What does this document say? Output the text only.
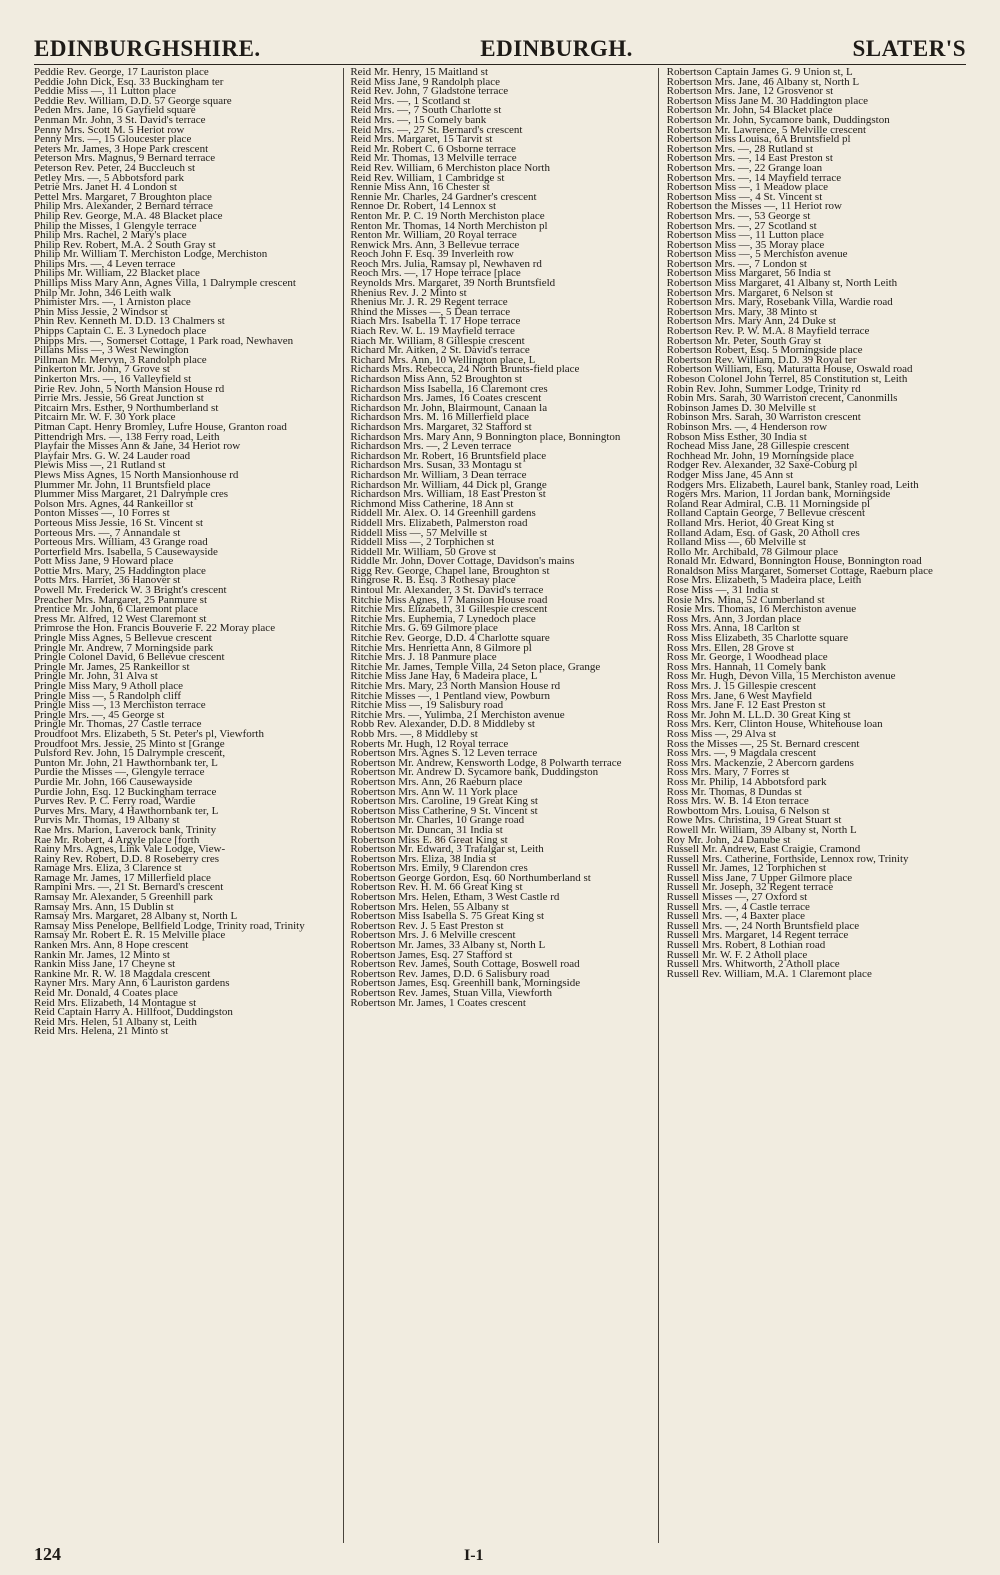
EDINBURGHSHIRE.	EDINBURGH.	SLATER'S
Peddie Rev. George, 17 Lauriston place
Peddie John Dick, Esq. 33 Buckingham ter
Peddie Miss —, 11 Lutton place
Peddie Rev. William, D.D. 57 George square
Peden Mrs. Jane, 16 Gayfield square
Penman Mr. John, 3 St. David's terrace
Penny Mrs. Scott M. 5 Heriot row
Penny Mrs. —, 15 Gloucester place
Peters Mr. James, 3 Hope Park crescent
Peterson Mrs. Magnus, 9 Bernard terrace
Peterson Rev. Peter, 24 Buccleuch st
Petley Mrs. —, 5 Abbotsford park
Petrie Mrs. Janet H. 4 London st
Pettel Mrs. Margaret, 7 Broughton place
Philip Mrs. Alexander, 2 Bernard terrace
Philip Rev. George, M.A. 48 Blacket place
Philip the Misses, 1 Glengyle terrace
Philip Mrs. Rachel, 2 Mary's place
Philip Rev. Robert, M.A. 2 South Gray st
Philip Mr. William T. Merchiston Lodge, Merchiston
Philips Mrs. —, 4 Leven terrace
Philips Mr. William, 22 Blacket place
Phillips Miss Mary Ann, Agnes Villa, 1 Dalrymple crescent
Philp Mr. John, 346 Leith walk
Phimister Mrs. —, 1 Arniston place
Phin Miss Jessie, 2 Windsor st
Phin Rev. Kenneth M. D.D. 13 Chalmers st
Phipps Captain C. E. 3 Lynedoch place
Phipps Mrs. —, Somerset Cottage, 1 Park road, Newhaven
Pillans Miss —, 3 West Newington
Pillman Mr. Mervyn, 3 Randolph place
Pinkerton Mr. John, 7 Grove st
Pinkerton Mrs. —, 16 Valleyfield st
Pirie Rev. John, 5 North Mansion House rd
Pirrie Mrs. Jessie, 56 Great Junction st
Pitcairn Mrs. Esther, 9 Northumberland st
Pitcairn Mr. W. F. 30 York place
Pitman Capt. Henry Bromley, Lufre House, Granton road
Pittendrigh Mrs. —, 138 Ferry road, Leith
Playfair the Misses Ann & Jane, 34 Heriot row
Playfair Mrs. G. W. 24 Lauder road
Plewis Miss —, 21 Rutland st
Plews Miss Agnes, 15 North Mansionhouse rd
Plummer Mr. John, 11 Bruntsfield place
Plummer Miss Margaret, 21 Dalrymple cres
Polson Mrs. Agnes, 44 Rankeillor st
Ponton Misses —, 10 Forres st
Porteous Miss Jessie, 16 St. Vincent st
Porteous Mrs. —, 7 Annandale st
Porteous Mrs. William, 43 Grange road
Porterfield Mrs. Isabella, 5 Causewayside
Pott Miss Jane, 9 Howard place
Pottie Mrs. Mary, 25 Haddington place
Potts Mrs. Harriet, 36 Hanover st
Powell Mr. Frederick W. 3 Bright's crescent
Preacher Mrs. Margaret, 25 Panmure st
Prentice Mr. John, 6 Claremont place
Press Mr. Alfred, 12 West Claremont st
Primrose the Hon. Francis Bouverie F. 22 Moray place
Pringle Miss Agnes, 5 Bellevue crescent
Pringle Mr. Andrew, 7 Morningside park
Pringle Colonel David, 6 Bellevue crescent
Pringle Mr. James, 25 Rankeillor st
Pringle Mr. John, 31 Alva st
Pringle Miss Mary, 9 Atholl place
Pringle Miss —, 5 Randolph cliff
Pringle Miss —, 13 Merchiston terrace
Pringle Mrs. —, 45 George st
Pringle Mr. Thomas, 27 Castle terrace
Proudfoot Mrs. Elizabeth, 5 St. Peter's pl, Viewforth
Proudfoot Mrs. Jessie, 25 Minto st [Grange
Pulsford Rev. John, 15 Dalrymple crescent,
Punton Mr. John, 21 Hawthornbank ter, L
Purdie the Misses —, Glengyle terrace
Purdie Mr. John, 166 Causewayside
Purdie John, Esq. 12 Buckingham terrace
Purves Rev. P. C. Ferry road, Wardie
Purves Mrs. Mary, 4 Hawthornbank ter, L
Purvis Mr. Thomas, 19 Albany st
Rae Mrs. Marion, Laverock bank, Trinity
Rae Mr. Robert, 4 Argyle place [forth
Rainy Mrs. Agnes, Link Vale Lodge, View-
Rainy Rev. Robert, D.D. 8 Roseberry cres
Ramage Mrs. Eliza, 3 Clarence st
Ramage Mr. James, 17 Millerfield place
Rampini Mrs. —, 21 St. Bernard's crescent
Ramsay Mr. Alexander, 5 Greenhill park
Ramsay Mrs. Ann, 15 Dublin st
Ramsay Mrs. Margaret, 28 Albany st, North L
Ramsay Miss Penelope, Bellfield Lodge, Trinity road, Trinity
Ramsay Mr. Robert E. R. 15 Melville place
Ranken Mrs. Ann, 8 Hope crescent
Rankin Mr. James, 12 Minto st
Rankin Miss Jane, 17 Cheyne st
Rankine Mr. R. W. 18 Magdala crescent
Rayner Mrs. Mary Ann, 6 Lauriston gardens
Reid Mr. Donald, 4 Coates place
Reid Mrs. Elizabeth, 14 Montague st
Reid Captain Harry A. Hillfoot, Duddingston
Reid Mrs. Helen, 51 Albany st, Leith
Reid Mrs. Helena, 21 Minto st
Reid Mr. Henry, 15 Maitland st
Reid Miss Jane, 9 Randolph place
Reid Rev. John, 7 Gladstone terrace
Reid Mrs. —, 1 Scotland st
Reid Mrs. —, 7 South Charlotte st
Reid Mrs. —, 15 Comely bank
Reid Mrs. —, 27 St. Bernard's crescent
Reid Mrs. Margaret, 15 Tarvit st
Reid Mr. Robert C. 6 Osborne terrace
Reid Mr. Thomas, 13 Melville terrace
Reid Rev. William, 6 Merchiston place North
Reid Rev. William, 1 Cambridge st
Rennie Miss Ann, 16 Chester st
Rennie Mr. Charles, 24 Gardner's crescent
Rennoe Dr. Robert, 14 Lennox st
Renton Mr. P. C. 19 North Merchiston place
Renton Mr. Thomas, 14 North Merchiston pl
Renton Mr. William, 20 Royal terrace
Renwick Mrs. Ann, 3 Bellevue terrace
Reoch John F. Esq. 39 Inverleith row
Reoch Mrs. Julia, Ramsay pl, Newhaven rd
Reoch Mrs. —, 17 Hope terrace [place
Reynolds Mrs. Margaret, 39 North Bruntsfield
Rhenius Rev. J. 2 Minto st
Rhenius Mr. J. R. 29 Regent terrace
Rhind the Misses —, 5 Dean terrace
Riach Mrs. Isabella T. 17 Hope terrace
Riach Rev. W. L. 19 Mayfield terrace
Riach Mr. William, 8 Gillespie crescent
Richard Mr. Aitken, 2 St. David's terrace
Richard Mrs. Ann, 10 Wellington place, L
Richards Mrs. Rebecca, 24 North Brunts-field place
Richardson Miss Ann, 52 Broughton st
Richardson Miss Isabella, 16 Claremont cres
Richardson Mrs. James, 16 Coates crescent
Richardson Mr. John, Blairmount, Canaan la
Richardson Mrs. M. 16 Millerfield place
Richardson Mrs. Margaret, 32 Stafford st
Richardson Mrs. Mary Ann, 9 Bonnington place, Bonnington
Richardson Mrs. —, 2 Leven terrace
Richardson Mr. Robert, 16 Bruntsfield place
Richardson Mrs. Susan, 33 Montagu st
Richardson Mr. William, 3 Dean terrace
Richardson Mr. William, 44 Dick pl, Grange
Richardson Mrs. William, 18 East Preston st
Richmond Miss Catherine, 18 Ann st
Riddell Mr. Alex. O. 14 Greenhill gardens
Riddell Mrs. Elizabeth, Palmerston road
Riddell Miss —, 57 Melville st
Riddell Miss —, 2 Torphichen st
Riddell Mr. William, 50 Grove st
Riddle Mr. John, Dover Cottage, Davidson's mains
Rigg Rev. George, Chapel lane, Broughton st
Ringrose R. B. Esq. 3 Rothesay place
Rintoul Mr. Alexander, 3 St. David's terrace
Ritchie Miss Agnes, 17 Mansion House road
Ritchie Mrs. Elizabeth, 31 Gillespie crescent
Ritchie Mrs. Euphemia, 7 Lynedoch place
Ritchie Mrs. G. 69 Gilmore place
Ritchie Rev. George, D.D. 4 Charlotte square
Ritchie Mrs. Henrietta Ann, 8 Gilmore pl
Ritchie Mrs. J. 18 Panmure place
Ritchie Mr. James, Temple Villa, 24 Seton place, Grange
Ritchie Miss Jane Hay, 6 Madeira place, L
Ritchie Mrs. Mary, 23 North Mansion House rd
Ritchie Misses —, 1 Pentland view, Powburn
Ritchie Miss —, 19 Salisbury road
Ritchie Mrs. —, Yulimba, 21 Merchiston avenue
Robb Rev. Alexander, D.D. 8 Middleby st
Robb Mrs. —, 8 Middleby st
Roberts Mr. Hugh, 12 Royal terrace
Robertson Mrs. Agnes S. 12 Leven terrace
Robertson Mr. Andrew, Kensworth Lodge, 8 Polwarth terrace
Robertson Mr. Andrew D. Sycamore bank, Duddingston
Robertson Mrs. Ann, 26 Raeburn place
Robertson Mrs. Ann W. 11 York place
Robertson Mrs. Caroline, 19 Great King st
Robertson Miss Catherine, 9 St. Vincent st
Robertson Mr. Charles, 10 Grange road
Robertson Mr. Duncan, 31 India st
Robertson Miss E. 86 Great King st
Robertson Mr. Edward, 3 Trafalgar st, Leith
Robertson Mrs. Eliza, 38 India st
Robertson Mrs. Emily, 9 Clarendon cres
Robertson George Gordon, Esq. 60 Northumberland st
Robertson Rev. H. M. 66 Great King st
Robertson Mrs. Helen, Etham, 3 West Castle rd
Robertson Mrs. Helen, 55 Albany st
Robertson Miss Isabella S. 75 Great King st
Robertson Rev. J. 5 East Preston st
Robertson Mrs. J. 6 Melville crescent
Robertson Mr. James, 33 Albany st, North L
Robertson James, Esq. 27 Stafford st
Robertson Rev. James, South Cottage, Boswell road
Robertson Rev. James, D.D. 6 Salisbury road
Robertson James, Esq. Greenhill bank, Morningside
Robertson Rev. James, Stuan Villa, Viewforth
Robertson Mr. James, 1 Coates crescent
Robertson Captain James G. 9 Union st, L
Robertson Mrs. Jane, 46 Albany st, North L
Robertson Mrs. Jane, 12 Grosvenor st
Robertson Miss Jane M. 30 Haddington place
Robertson Mr. John, 54 Blacket place
Robertson Mr. John, Sycamore bank, Duddingston
Robertson Mr. Lawrence, 5 Melville crescent
Robertson Miss Louisa, 6A Bruntsfield pl
Robertson Mrs. —, 28 Rutland st
Robertson Mrs. —, 14 East Preston st
Robertson Mrs. —, 22 Grange loan
Robertson Mrs. —, 14 Mayfield terrace
Robertson Miss —, 1 Meadow place
Robertson Miss —, 4 St. Vincent st
Robertson the Misses —, 11 Heriot row
Robertson Mrs. —, 53 George st
Robertson Mrs. —, 27 Scotland st
Robertson Miss —, 11 Lutton place
Robertson Miss —, 35 Moray place
Robertson Miss —, 5 Merchiston avenue
Robertson Mrs. —, 7 London st
Robertson Miss Margaret, 56 India st
Robertson Miss Margaret, 41 Albany st, North Leith
Robertson Mrs. Margaret, 6 Nelson st
Robertson Mrs. Mary, Rosebank Villa, Wardie road
Robertson Mrs. Mary, 38 Minto st
Robertson Mrs. Mary Ann, 24 Duke st
Robertson Rev. P. W. M.A. 8 Mayfield terrace
Robertson Mr. Peter, South Gray st
Robertson Robert, Esq. 5 Morningside place
Robertson Rev. William, D.D. 39 Royal ter
Robertson William, Esq. Maturatta House, Oswald road
Robeson Colonel John Terrel, 85 Constitution st, Leith
Robin Rev. John, Summer Lodge, Trinity rd
Robin Mrs. Sarah, 30 Warriston crecent, Canonmills
Robinson James D. 30 Melville st
Robinson Mrs. Sarah, 30 Warriston crescent
Robinson Mrs. —, 4 Henderson row
Robson Miss Esther, 30 India st
Rochead Miss Jane, 28 Gillespie crescent
Rochhead Mr. John, 19 Morningside place
Rodger Rev. Alexander, 32 Saxe-Coburg pl
Rodger Miss Jane, 45 Ann st
Rodgers Mrs. Elizabeth, Laurel bank, Stanley road, Leith
Rogers Mrs. Marion, 11 Jordan bank, Morningside
Roland Rear Admiral, C.B. 11 Morningside pl
Rolland Captain George, 7 Bellevue crescent
Rolland Mrs. Heriot, 40 Great King st
Rolland Adam, Esq. of Gask, 20 Atholl cres
Rolland Miss —, 60 Melville st
Rollo Mr. Archibald, 78 Gilmour place
Ronald Mr. Edward, Bonnington House, Bonnington road
Ronaldson Miss Margaret, Somerset Cottage, Raeburn place
Rose Mrs. Elizabeth, 5 Madeira place, Leith
Rose Miss —, 31 India st
Rosie Mrs. Mina, 52 Cumberland st
Rosie Mrs. Thomas, 16 Merchiston avenue
Ross Mrs. Ann, 3 Jordan place
Ross Mrs. Anna, 18 Carlton st
Ross Miss Elizabeth, 35 Charlotte square
Ross Mrs. Ellen, 28 Grove st
Ross Mr. George, 1 Woodhead place
Ross Mrs. Hannah, 11 Comely bank
Ross Mr. Hugh, Devon Villa, 15 Merchiston avenue
Ross Mrs. J. 15 Gillespie crescent
Ross Mrs. Jane, 6 West Mayfield
Ross Mrs. Jane F. 12 East Preston st
Ross Mr. John M. LL.D. 30 Great King st
Ross Mrs. Kerr, Clinton House, Whitehouse loan
Ross Miss —, 29 Alva st
Ross the Misses —, 25 St. Bernard crescent
Ross Mrs. —, 9 Magdala crescent
Ross Mrs. Mackenzie, 2 Abercorn gardens
Ross Mrs. Mary, 7 Forres st
Ross Mr. Philip, 14 Abbotsford park
Ross Mr. Thomas, 8 Dundas st
Ross Mrs. W. B. 14 Eton terrace
Rowbottom Mrs. Louisa, 6 Nelson st
Rowe Mrs. Christina, 19 Great Stuart st
Rowell Mr. William, 39 Albany st, North L
Roy Mr. John, 24 Danube st
Russell Mr. Andrew, East Craigie, Cramond
Russell Mrs. Catherine, Forthside, Lennox row, Trinity
Russell Mr. James, 12 Torphichen st
Russell Miss Jane, 7 Upper Gilmore place
Russell Mr. Joseph, 32 Regent terrace
Russell Misses —, 27 Oxford st
Russell Mrs. —, 4 Castle terrace
Russell Mrs. —, 4 Baxter place
Russell Mrs. —, 24 North Bruntsfield place
Russell Mrs. Margaret, 14 Regent terrace
Russell Mrs. Robert, 8 Lothian road
Russell Mr. W. F. 2 Atholl place
Russell Mrs. Whitworth, 2 Atholl place
Russell Rev. William, M.A. 1 Claremont place
124	I-1
